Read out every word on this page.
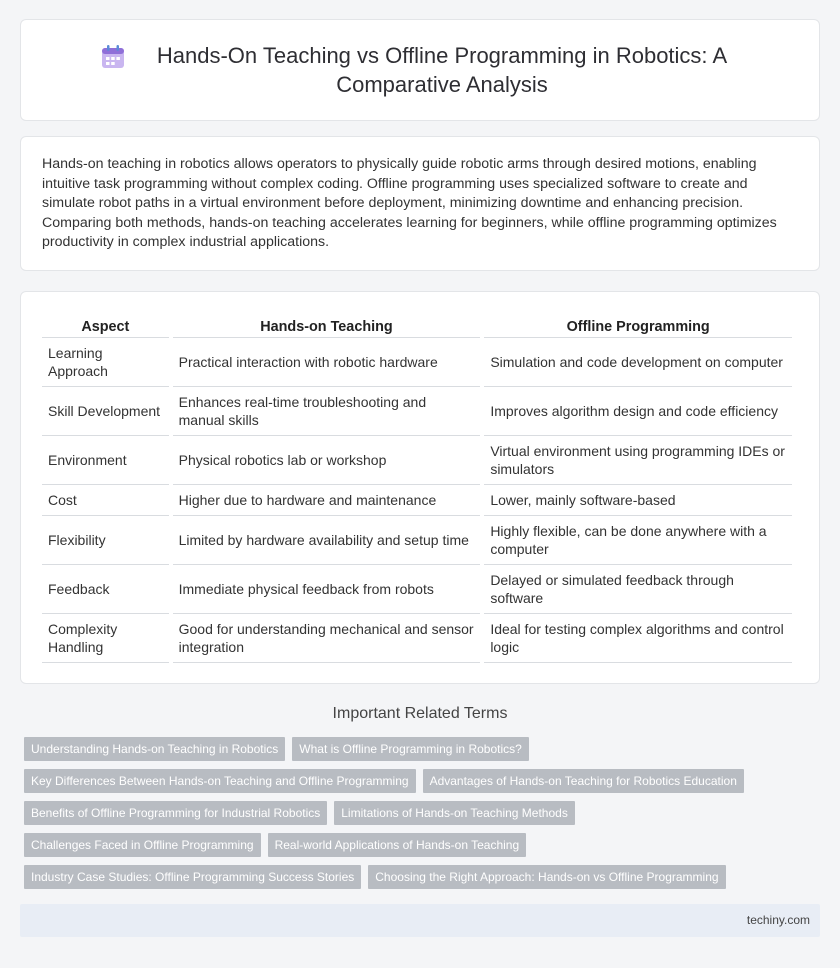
Hands-On Teaching vs Offline Programming in Robotics: A Comparative Analysis

Hands-on teaching in robotics allows operators to physically guide robotic arms through desired motions, enabling intuitive task programming without complex coding. Offline programming uses specialized software to create and simulate robot paths in a virtual environment before deployment, minimizing downtime and enhancing precision. Comparing both methods, hands-on teaching accelerates learning for beginners, while offline programming optimizes productivity in complex industrial applications.

Aspect	Hands-on Teaching	Offline Programming
Learning Approach	Practical interaction with robotic hardware	Simulation and code development on computer
Skill Development	Enhances real-time troubleshooting and manual skills	Improves algorithm design and code efficiency
Environment	Physical robotics lab or workshop	Virtual environment using programming IDEs or simulators
Cost	Higher due to hardware and maintenance	Lower, mainly software-based
Flexibility	Limited by hardware availability and setup time	Highly flexible, can be done anywhere with a computer
Feedback	Immediate physical feedback from robots	Delayed or simulated feedback through software
Complexity Handling	Good for understanding mechanical and sensor integration	Ideal for testing complex algorithms and control logic
Important Related Terms
Understanding Hands-on Teaching in Robotics	What is Offline Programming in Robotics?
Key Differences Between Hands-on Teaching and Offline Programming	Advantages of Hands-on Teaching for Robotics Education
Benefits of Offline Programming for Industrial Robotics	Limitations of Hands-on Teaching Methods
Challenges Faced in Offline Programming	Real-world Applications of Hands-on Teaching
Industry Case Studies: Offline Programming Success Stories	Choosing the Right Approach: Hands-on vs Offline Programming
techiny.com
